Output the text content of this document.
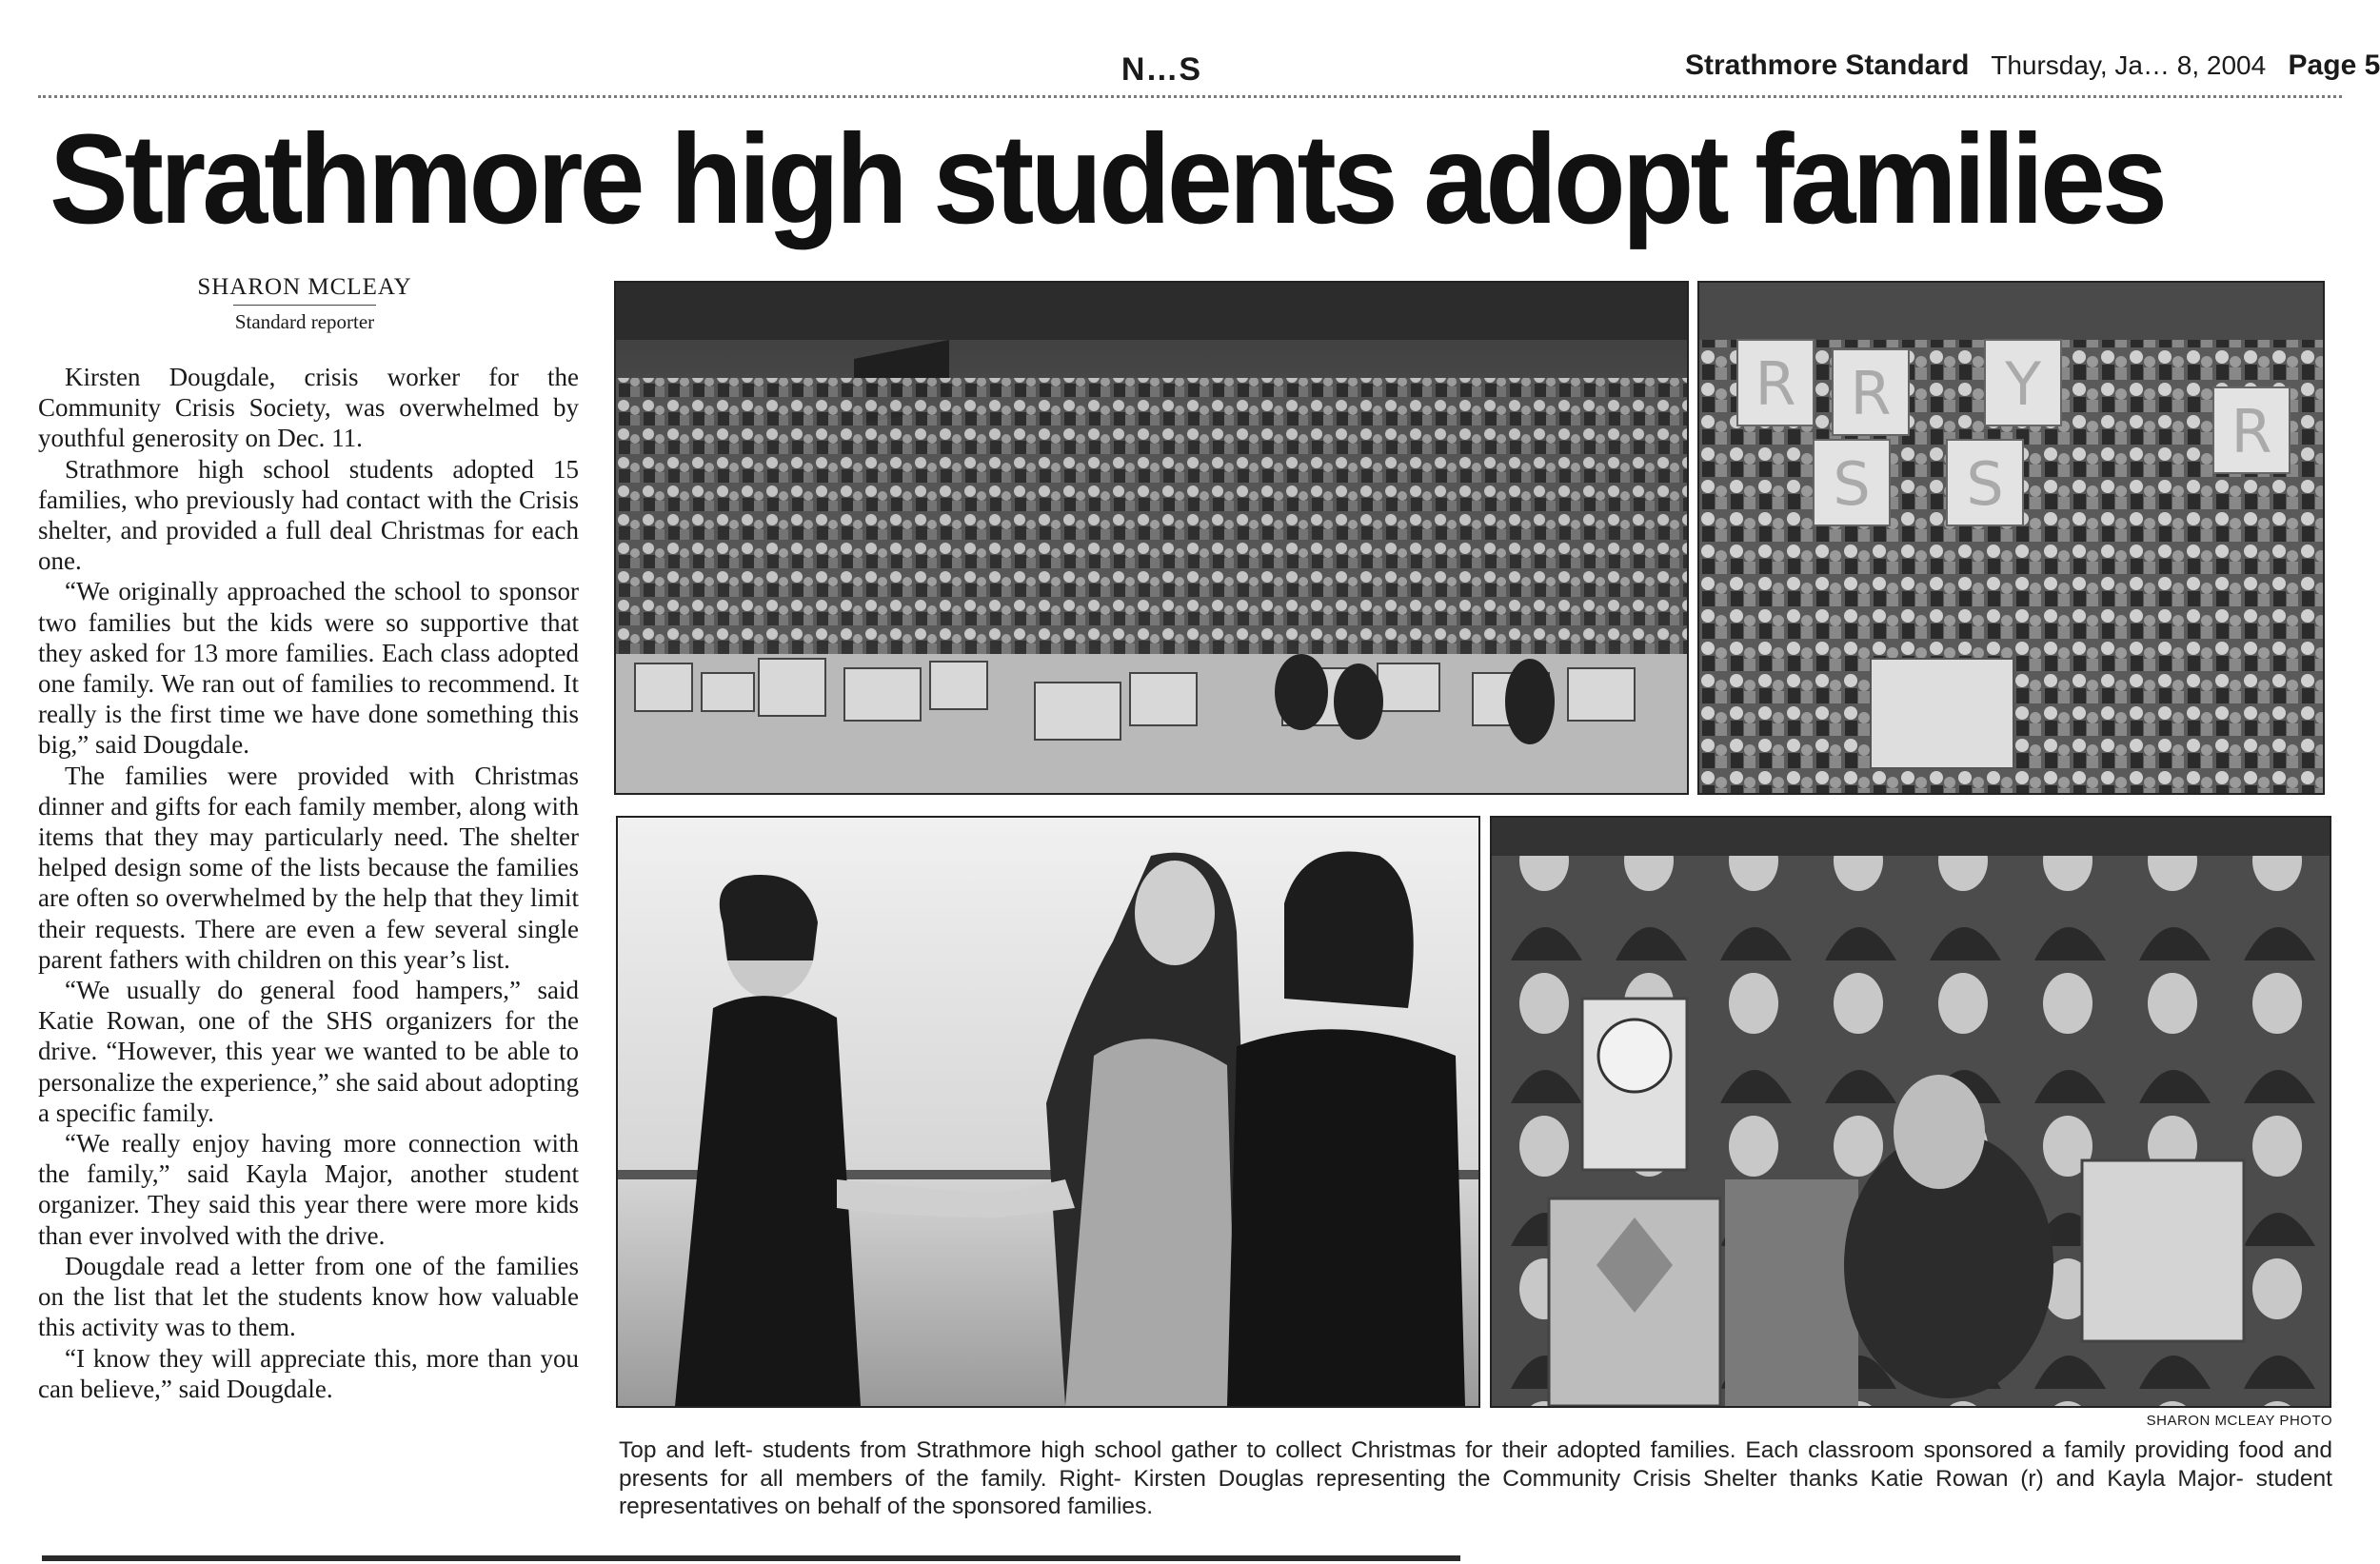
N…S	Strathmore Standard Thursday, Ja… 8, 2004 Page 5
Strathmore high students adopt families
SHARON MCLEAY
Standard reporter

Kirsten Dougdale, crisis worker for the Community Crisis Society, was overwhelmed by youthful generosity on Dec. 11.

Strathmore high school students adopted 15 families, who previously had contact with the Crisis shelter, and provided a full deal Christmas for each one.

“We originally approached the school to sponsor two families but the kids were so supportive that they asked for 13 more families. Each class adopted one family. We ran out of families to recommend. It really is the first time we have done something this big,” said Dougdale.

The families were provided with Christmas dinner and gifts for each family member, along with items that they may particularly need. The shelter helped design some of the lists because the families are often so overwhelmed by the help that they limit their requests. There are even a few several single parent fathers with children on this year’s list.

“We usually do general food hampers,” said Katie Rowan, one of the SHS organizers for the drive. “However, this year we wanted to be able to personalize the experience,” she said about adopting a specific family.

“We really enjoy having more connection with the family,” said Kayla Major, another student organizer. They said this year there were more kids than ever involved with the drive.

Dougdale read a letter from one of the families on the list that let the students know how valuable this activity was to them.

“I know they will appreciate this, more than you can believe,” said Dougdale.

R R Y
S S
R
SHARON MCLEAY PHOTO
Top and left- students from Strathmore high school gather to collect Christmas for their adopted families. Each classroom sponsored a family providing food and presents for all members of the family. Right- Kirsten Douglas representing the Community Crisis Shelter thanks Katie Rowan (r) and Kayla Major- student representatives on behalf of the sponsored families.
